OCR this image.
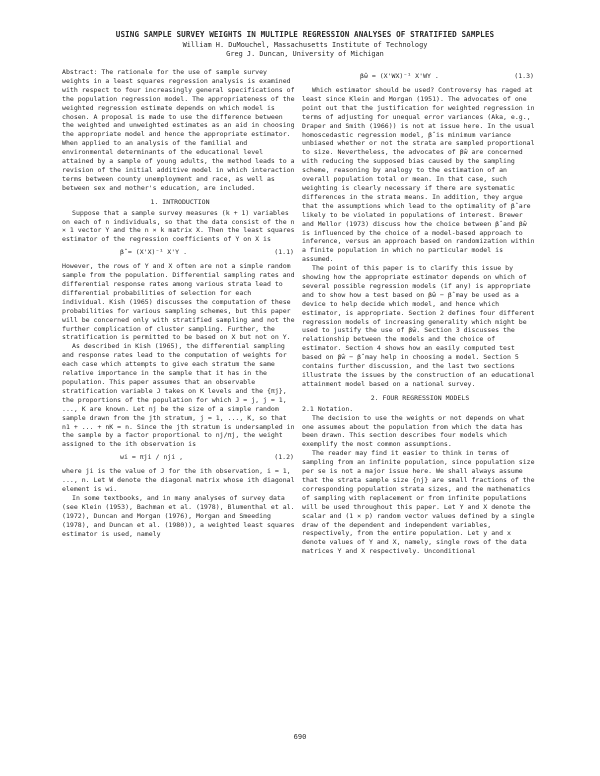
USING SAMPLE SURVEY WEIGHTS IN MULTIPLE REGRESSION ANALYSES OF STRATIFIED SAMPLES
William H. DuMouchel, Massachusetts Institute of Technology
Greg J. Duncan, University of Michigan

Abstract: The rationale for the use of sample survey weights in a least squares regression analysis is examined with respect to four increasingly general specifications of the population regression model. The appropriateness of the weighted regression estimate depends on which model is chosen. A proposal is made to use the difference between the weighted and unweighted estimates as an aid in choosing the appropriate model and hence the appropriate estimator. When applied to an analysis of the familial and environmental determinants of the educational level attained by a sample of young adults, the method leads to a revision of the initial additive model in which interaction terms between county unemployment and race, as well as between sex and mother's education, are included.

1. INTRODUCTION

Suppose that a sample survey measures (k + 1) variables on each of n individuals, so that the data consist of the n × 1 vector Y and the n × k matrix X. Then the least squares estimator of the regression coefficients of Y on X is

β̂ = (X'X)⁻¹ X'Y .	(1.1)

However, the rows of Y and X often are not a simple random sample from the population. Differential sampling rates and differential response rates among various strata lead to differential probabilities of selection for each individual. Kish (1965) discusses the computation of these probabilities for various sampling schemes, but this paper will be concerned only with stratified sampling and not the further complication of cluster sampling. Further, the stratification is permitted to be based on X but not on Y.

As described in Kish (1965), the differential sampling and response rates lead to the computation of weights for each case which attempts to give each stratum the same relative importance in the sample that it has in the population. This paper assumes that an observable stratification variable J takes on K levels and the {πj}, the proportions of the population for which J = j, j = 1, ..., K are known. Let nj be the size of a simple random sample drawn from the jth stratum, j = 1, ..., K, so that n1 + ... + nK = n. Since the jth stratum is undersampled in the sample by a factor proportional to nj/πj, the weight assigned to the ith observation is

wi = πji / nji ,	(1.2)

where ji is the value of J for the ith observation, i = 1, ..., n. Let W denote the diagonal matrix whose ith diagonal element is wi.

In some textbooks, and in many analyses of survey data (see Klein (1953), Bachman et al. (1978), Blumenthal et al. (1972), Duncan and Morgan (1976), Morgan and Smeeding (1978), and Duncan et al. (1980)), a weighted least squares estimator is used, namely

β̂w = (X'WX)⁻¹ X'WY .	(1.3)

Which estimator should be used? Controversy has raged at least since Klein and Morgan (1951). The advocates of one point out that the justification for weighted regression in terms of adjusting for unequal error variances (Aka, e.g., Draper and Smith (1966)) is not at issue here. In the usual homoscedastic regression model, β̂ is minimum variance unbiased whether or not the strata are sampled proportional to size. Nevertheless, the advocates of β̂w are concerned with reducing the supposed bias caused by the sampling scheme, reasoning by analogy to the estimation of an overall population total or mean. In that case, such weighting is clearly necessary if there are systematic differences in the strata means. In addition, they argue that the assumptions which lead to the optimality of β̂ are likely to be violated in populations of interest. Brewer and Mellor (1973) discuss how the choice between β̂ and β̂w is influenced by the choice of a model-based approach to inference, versus an approach based on randomization within a finite population in which no particular model is assumed.

The point of this paper is to clarify this issue by showing how the appropriate estimator depends on which of several possible regression models (if any) is appropriate and to show how a test based on β̂w − β̂ may be used as a device to help decide which model, and hence which estimator, is appropriate. Section 2 defines four different regression models of increasing generality which might be used to justify the use of β̂w. Section 3 discusses the relationship between the models and the choice of estimator. Section 4 shows how an easily computed test based on β̂w − β̂ may help in choosing a model. Section 5 contains further discussion, and the last two sections illustrate the issues by the construction of an educational attainment model based on a national survey.

2. FOUR REGRESSION MODELS

2.1 Notation.

The decision to use the weights or not depends on what one assumes about the population from which the data has been drawn. This section describes four models which exemplify the most common assumptions.

The reader may find it easier to think in terms of sampling from an infinite population, since population size per se is not a major issue here. We shall always assume that the strata sample size {nj} are small fractions of the corresponding population strata sizes, and the mathematics of sampling with replacement or from infinite populations will be used throughout this paper. Let Y and X denote the scalar and (1 × p) random vector values defined by a single draw of the dependent and independent variables, respectively, from the entire population. Let y and x denote values of Y and X, namely, single rows of the data matrices Y and X respectively. Unconditional

690
